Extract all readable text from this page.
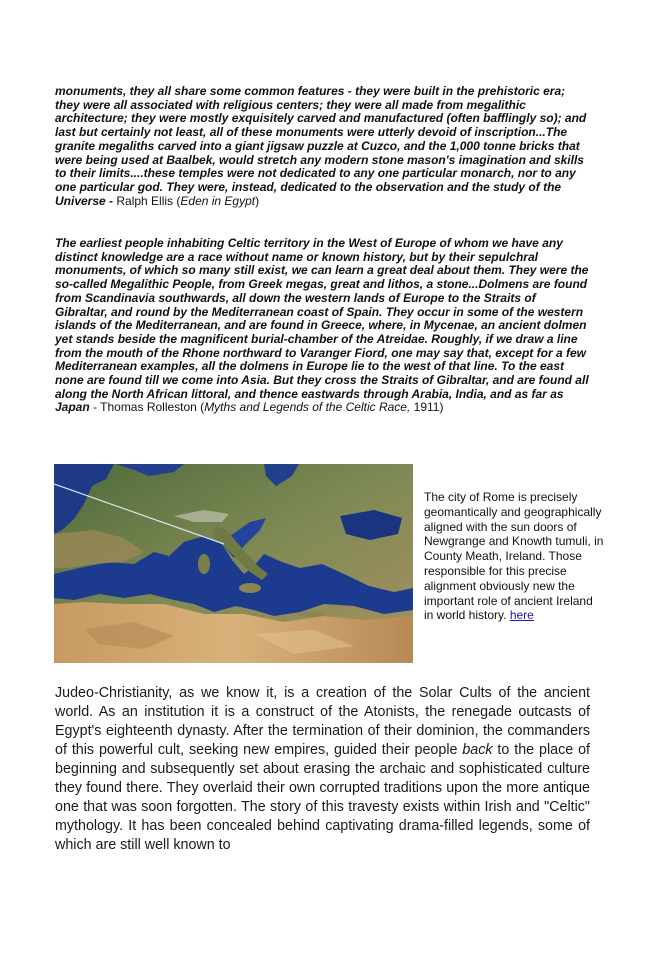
monuments, they all share some common features - they were built in the prehistoric era; they were all associated with religious centers; they were all made from megalithic architecture; they were mostly exquisitely carved and manufactured (often bafflingly so); and last but certainly not least, all of these monuments were utterly devoid of inscription...The granite megaliths carved into a giant jigsaw puzzle at Cuzco, and the 1,000 tonne bricks that were being used at Baalbek, would stretch any modern stone mason's imagination and skills to their limits....these temples were not dedicated to any one particular monarch, nor to any one particular god. They were, instead, dedicated to the observation and the study of the Universe - Ralph Ellis (Eden in Egypt)

The earliest people inhabiting Celtic territory in the West of Europe of whom we have any distinct knowledge are a race without name or known history, but by their sepulchral monuments, of which so many still exist, we can learn a great deal about them. They were the so-called Megalithic People, from Greek megas, great and lithos, a stone...Dolmens are found from Scandinavia southwards, all down the western lands of Europe to the Straits of Gibraltar, and round by the Mediterranean coast of Spain. They occur in some of the western islands of the Mediterranean, and are found in Greece, where, in Mycenae, an ancient dolmen yet stands beside the magnificent burial-chamber of the Atreidae. Roughly, if we draw a line from the mouth of the Rhone northward to Varanger Fiord, one may say that, except for a few Mediterranean examples, all the dolmens in Europe lie to the west of that line. To the east none are found till we come into Asia. But they cross the Straits of Gibraltar, and are found all along the North African littoral, and thence eastwards through Arabia, India, and as far as Japan - Thomas Rolleston (Myths and Legends of the Celtic Race, 1911)

The city of Rome is precisely geomantically and geographically aligned with the sun doors of Newgrange and Knowth tumuli, in County Meath, Ireland. Those responsible for this precise alignment obviously new the important role of ancient Ireland in world history. here

Judeo-Christianity, as we know it, is a creation of the Solar Cults of the ancient world. As an institution it is a construct of the Atonists, the renegade outcasts of Egypt's eighteenth dynasty. After the termination of their dominion, the commanders of this powerful cult, seeking new empires, guided their people back to the place of beginning and subsequently set about erasing the archaic and sophisticated culture they found there. They overlaid their own corrupted traditions upon the more antique one that was soon forgotten. The story of this travesty exists within Irish and "Celtic" mythology. It has been concealed behind captivating drama-filled legends, some of which are still well known to
